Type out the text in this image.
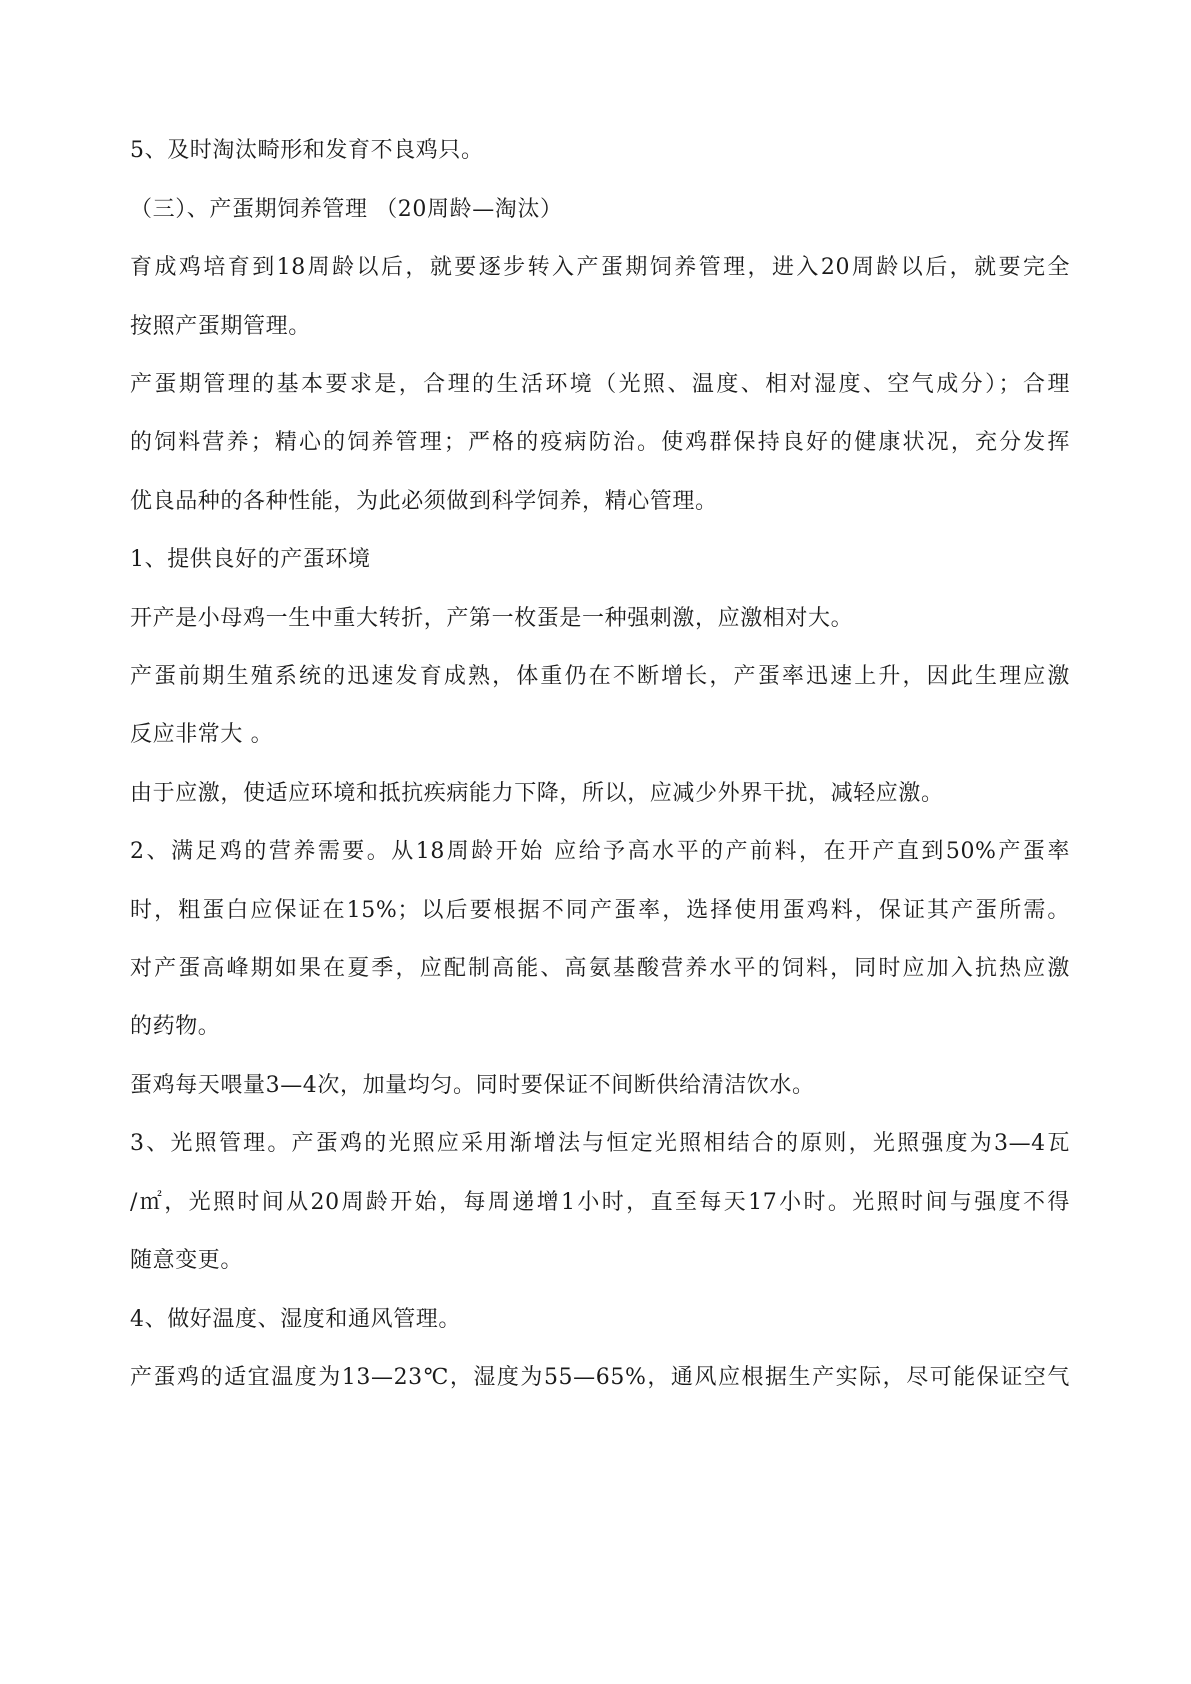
5、及时淘汰畸形和发育不良鸡只。

（三）、产蛋期饲养管理 （20周龄—淘汰）

育成鸡培育到18周龄以后，就要逐步转入产蛋期饲养管理，进入20周龄以后，就要完全

按照产蛋期管理。

产蛋期管理的基本要求是，合理的生活环境（光照、温度、相对湿度、空气成分）；合理

的饲料营养；精心的饲养管理；严格的疫病防治。使鸡群保持良好的健康状况，充分发挥

优良品种的各种性能，为此必须做到科学饲养，精心管理。

1、提供良好的产蛋环境

开产是小母鸡一生中重大转折，产第一枚蛋是一种强刺激，应激相对大。

产蛋前期生殖系统的迅速发育成熟，体重仍在不断增长，产蛋率迅速上升，因此生理应激

反应非常大 。

由于应激，使适应环境和抵抗疾病能力下降，所以，应减少外界干扰，减轻应激。

2、满足鸡的营养需要。从18周龄开始 应给予高水平的产前料，在开产直到50%产蛋率

时，粗蛋白应保证在15%；以后要根据不同产蛋率，选择使用蛋鸡料，保证其产蛋所需。

对产蛋高峰期如果在夏季，应配制高能、高氨基酸营养水平的饲料，同时应加入抗热应激

的药物。

蛋鸡每天喂量3—4次，加量均匀。同时要保证不间断供给清洁饮水。

3、光照管理。产蛋鸡的光照应采用渐增法与恒定光照相结合的原则，光照强度为3—4瓦

/㎡，光照时间从20周龄开始，每周递增1小时，直至每天17小时。光照时间与强度不得

随意变更。

4、做好温度、湿度和通风管理。

产蛋鸡的适宜温度为13—23℃，湿度为55—65%，通风应根据生产实际，尽可能保证空气
